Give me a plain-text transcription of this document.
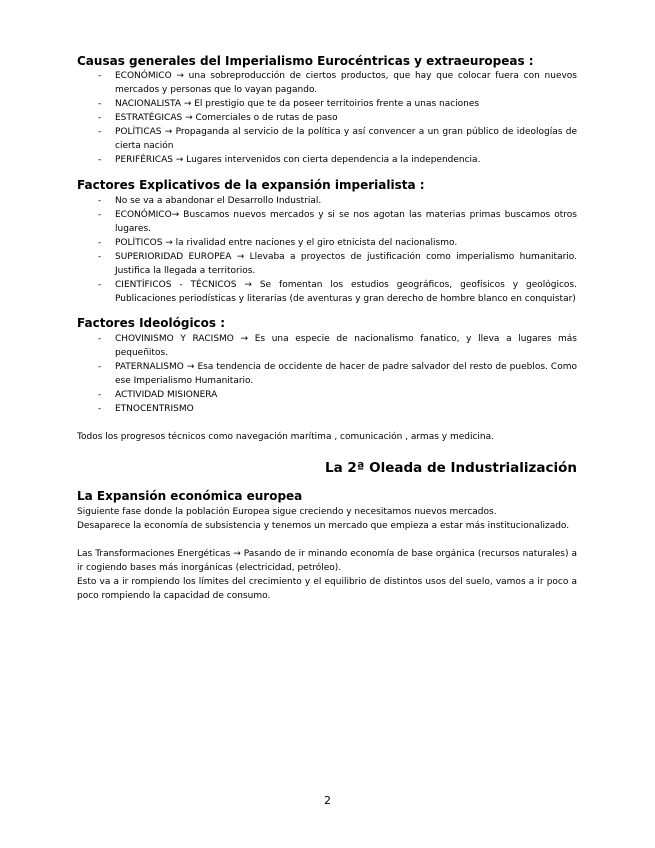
Causas generales del Imperialismo Eurocéntricas y extraeuropeas :
- ECONÓMICO → una sobreproducción de ciertos productos, que hay que colocar fuera con nuevos mercados y personas que lo vayan pagando.
- NACIONALISTA → El prestigio que te da poseer territoirios frente a unas naciones
- ESTRATÉGICAS → Comerciales o de rutas de paso
- POLÍTICAS → Propaganda al servicio de la política y así convencer a un gran público de ideologías de cierta nación
- PERIFÉRICAS → Lugares intervenidos con cierta dependencia a la independencia.
Factores Explicativos de la expansión imperialista :
- No se va a abandonar el Desarrollo Industrial.
- ECONÓMICO→ Buscamos nuevos mercados y si se nos agotan las materias primas buscamos otros lugares.
- POLÍTICOS → la rivalidad entre naciones y el giro etnicista del nacionalismo.
- SUPERIORIDAD EUROPEA → Llevaba a proyectos de justificación como imperialismo humanitario. Justifica la llegada a territorios.
- CIENTÍFICOS - TÉCNICOS → Se fomentan los estudios geográficos, geofísicos y geológicos. Publicaciones periodísticas y literarias (de aventuras y gran derecho de hombre blanco en conquistar)
Factores Ideológicos :
- CHOVINISMO Y RACISMO → Es una especie de nacionalismo fanatico, y lleva a lugares más pequeñitos.
- PATERNALISMO → Esa tendencia de occidente de hacer de padre salvador del resto de pueblos. Como ese Imperialismo Humanitario.
- ACTIVIDAD MISIONERA
- ETNOCENTRISMO

Todos los progresos técnicos como navegación marítima , comunicación , armas y medicina.

La 2ª Oleada de Industrialización
La Expansión económica europea

Siguiente fase donde la población Europea sigue creciendo y necesitamos nuevos mercados.

Desaparece la economía de subsistencia y tenemos un mercado que empieza a estar más institucionalizado.

Las Transformaciones Energéticas → Pasando de ir minando economía de base orgánica (recursos naturales) a ir cogiendo bases más inorgánicas (electricidad, petróleo).

Esto va a ir rompiendo los límites del crecimiento y el equilibrio de distintos usos del suelo, vamos a ir poco a poco rompiendo la capacidad de consumo.

2
